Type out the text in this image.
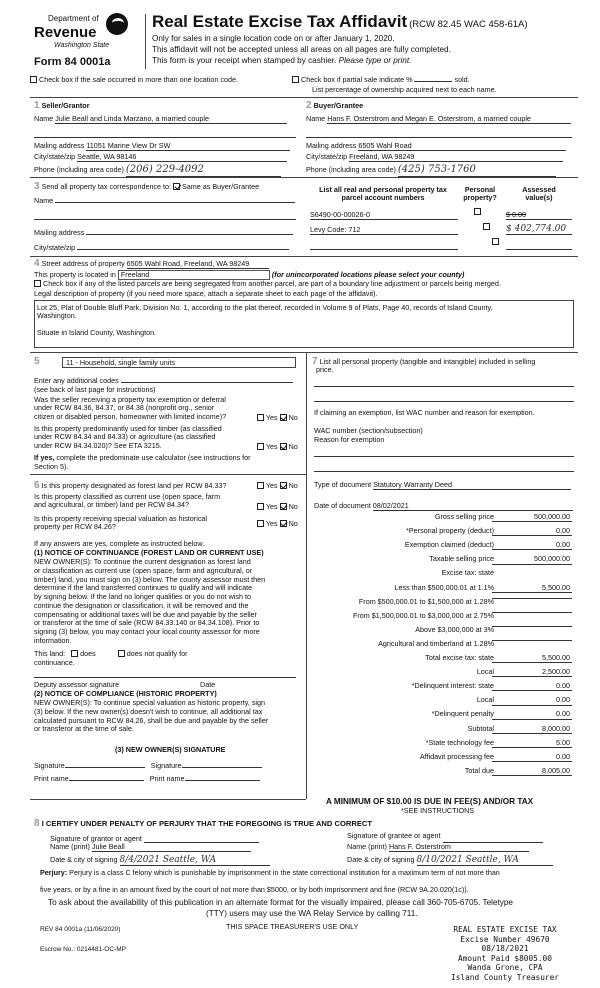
Department of
Revenue
Washington State
Form 84 0001a
Real Estate Excise Tax Affidavit (RCW 82.45 WAC 458-61A)
Only for sales in a single location code on or after January 1, 2020.
This affidavit will not be accepted unless all areas on all pages are fully completed.
This form is your receipt when stamped by cashier. Please type or print.
Check box if the sale occurred in more than one location code.	Check box if partial sale indicate %	sold.
List percentage of ownership acquired next to each name.
1 Seller/Grantor
Name Julie Beall and Linda Marzano, a married couple
Mailing address 11051 Marine View Dr SW
City/state/zip Seattle, WA 98146
Phone (including area code) (206) 229-4092
2 Buyer/Grantee
Name Hans F. Osterstrom and Megan E. Osterstrom, a married couple
Mailing address 6505 Wahl Road
City/state/zip Freeland, WA 98249
Phone (including area code) (425) 753-1760
3 Send all property tax correspondence to: Same as Buyer/Grantee
Name
Mailing address
City/state/zip
List all real and personal property tax
parcel account numbers
Personal
property?
Assessed
value(s)
S6490-00-00026-0
	$ 0.00
Levy Code: 712
	$ 402,774.00
4 Street address of property 6505 Wahl Road, Freeland, WA 98249
This property is located in Freeland	(for unincorporated locations please select your county)
Check box if any of the listed parcels are being segregated from another parcel, are part of a boundary line adjustment or parcels being merged.
Legal description of property (if you need more space, attach a separate sheet to each page of the affidavit).
Lot 25, Plat of Double Bluff Park, Division No. 1, according to the plat thereof, recorded in Volume 9 of Plats, Page 40, records of Island County,
Washington.
Situate in Island County, Washington.
5	11 - Household, single family units
Enter any additional codes
(see back of last page for instructions)
Was the seller receiving a property tax exemption or deferral
under RCW 84.36, 84.37, or 84.38 (nonprofit org., senior
citizen or disabled person, homeowner with limited income)?	Yes No
Is this property predominantly used for timber (as classified
under RCW 84.34 and 84.33) or agriculture (as classified
under RCW 84.34.020)? See ETA 3215.	Yes No
If yes, complete the predominate use calculator (see instructions for
Section 5).
6 Is this property designated as forest land per RCW 84.33?	Yes No
Is this property classified as current use (open space, farm
and agricultural, or timber) land per RCW 84.34?	Yes No
Is this property receiving special valuation as historical
property per RCW 84.26?	Yes No
If any answers are yes, complete as instructed below.
(1) NOTICE OF CONTINUANCE (FOREST LAND OR CURRENT USE)
NEW OWNER(S): To continue the current designation as forest land
or classification as current use (open space, farm and agricultural, or
timber) land, you must sign on (3) below. The county assessor must then
determine if the land transferred continues to qualify and will indicate
by signing below. If the land no longer qualifies or you do not wish to
continue the designation or classification, it will be removed and the
compensating or additional taxes will be due and payable by the seller
or transferor at the time of sale (RCW 84.33.140 or 84.34.108). Prior to
signing (3) below, you may contact your local county assessor for more
information.
This land: does	does not qualify for
continuance.
Deputy assessor signature	Date
(2) NOTICE OF COMPLIANCE (HISTORIC PROPERTY)
NEW OWNER(S): To continue special valuation as historic property, sign
(3) below. If the new owner(s) doesn't wish to continue, all additional tax
calculated pursuant to RCW 84.26, shall be due and payable by the seller
or transferor at the time of sale.
(3) NEW OWNER(S) SIGNATURE
Signature	Signature
Print name	Print name
7 List all personal property (tangible and intangible) included in selling
price.
If claiming an exemption, list WAC number and reason for exemption.
WAC number (section/subsection)
Reason for exemption
Type of document Statutory Warranty Deed
Date of document 08/02/2021
Gross selling price	500,000.00
*Personal property (deduct)	0.00
Exemption claimed (deduct)	0.00
Taxable selling price	500,000.00
Excise tax: state
Less than $500,000.01 at 1.1%	5,500.00
From $500,000.01 to $1,500,000 at 1.28%
From $1,500,000.01 to $3,000,000 at 2.75%
Above $3,000,000 at 3%
Agricultural and timberland at 1.28%
Total excise tax: state	5,500.00
Local	2,500.00
*Delinquent interest: state	0.00
Local	0.00
*Delinquent penalty	0.00
Subtotal	8,000.00
*State technology fee	5.00
Affidavit processing fee	0.00
Total due	8,005.00
A MINIMUM OF $10.00 IS DUE IN FEE(S) AND/OR TAX
*SEE INSTRUCTIONS
8 I CERTIFY UNDER PENALTY OF PERJURY THAT THE FOREGOING IS TRUE AND CORRECT
Signature of grantor or agent
Name (print) Julie Beall
Date & city of signing 8/4/2021 Seattle, WA
Signature of grantee or agent
Name (print) Hans F. Osterstrom
Date & city of signing 8/10/2021 Seattle, WA
Perjury: Perjury is a class C felony which is punishable by imprisonment in the state correctional institution for a maximum term of not more than
five years, or by a fine in an amount fixed by the court of not more than $5000, or by both imprisonment and fine (RCW 9A.20.020(1c)).
To ask about the availability of this publication in an alternate format for the visually impaired, please call 360-705-6705. Teletype
(TTY) users may use the WA Relay Service by calling 711.
REV 84 0001a (11/06/2020)	THIS SPACE TREASURER'S USE ONLY
Escrow No.: 0214481-OC-MP
REAL ESTATE EXCISE TAX
Excise Number 49670
08/18/2021
Amount Paid $8005.00
Wanda Grone, CPA
Island County Treasurer
